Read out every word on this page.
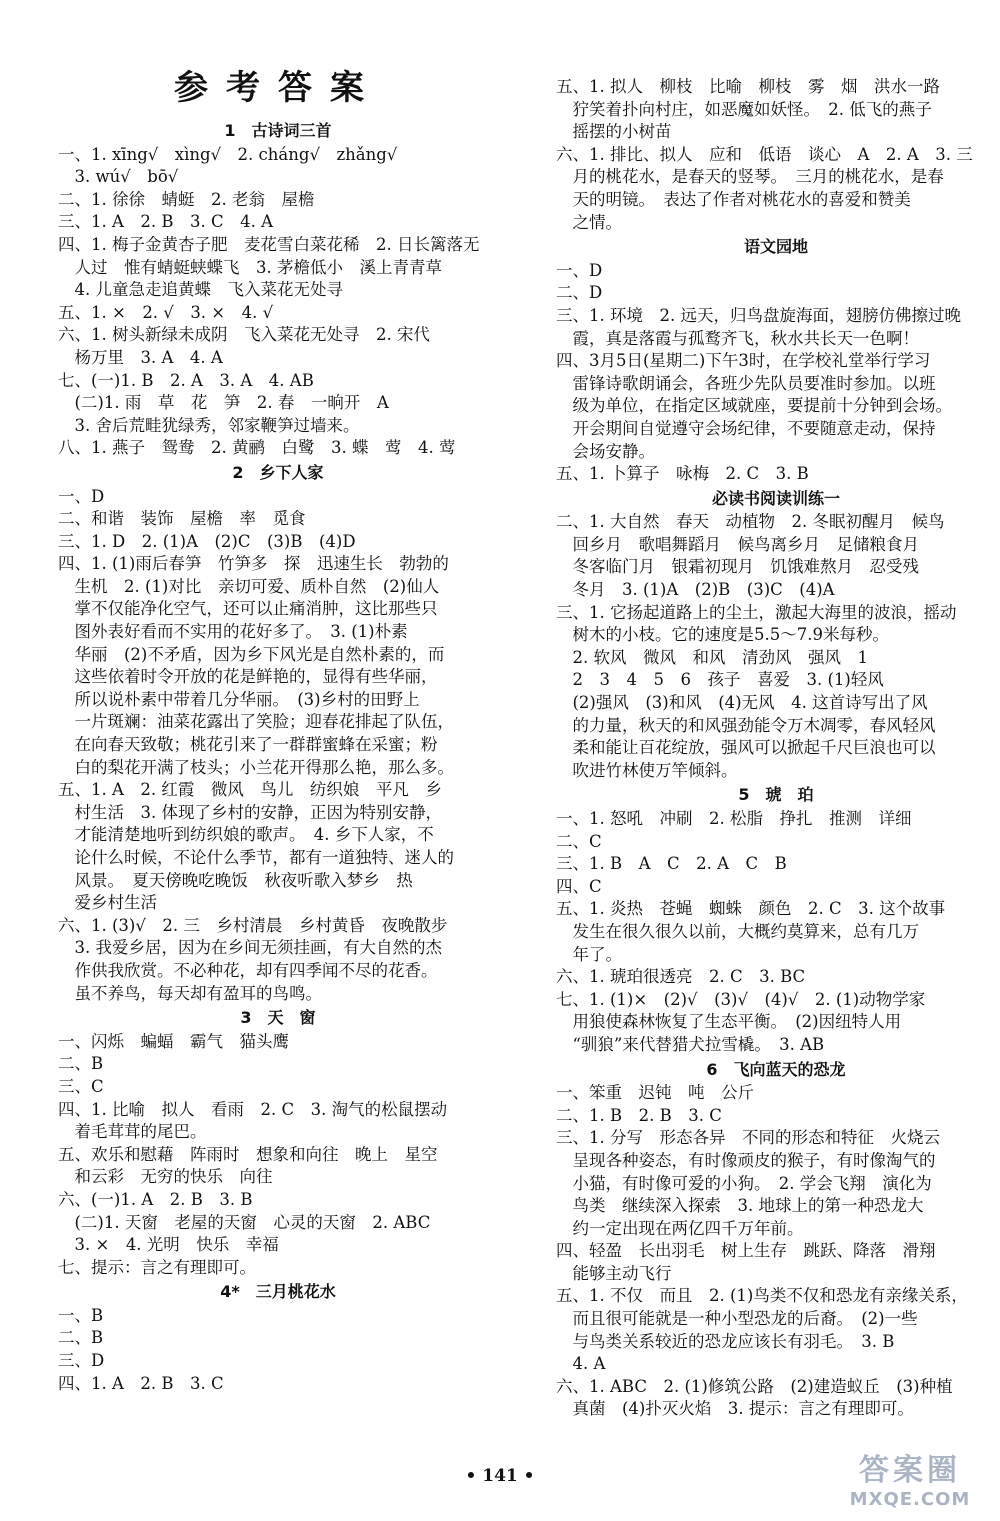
参考答案
1　古诗词三首
一、1. xīng√　xìng√　2. cháng√　zhǎng√
　3. wú√　bō√
二、1. 徐徐　蜻蜓　2. 老翁　屋檐
三、1. A　2. B　3. C　4. A
四、1. 梅子金黄杏子肥　麦花雪白菜花稀　2. 日长篱落无
　人过　惟有蜻蜓蛱蝶飞　3. 茅檐低小　溪上青青草
　4. 儿童急走追黄蝶　飞入菜花无处寻
五、1. ×　2. √　3. ×　4. √
六、1. 树头新绿未成阴　飞入菜花无处寻　2. 宋代
　杨万里　3. A　4. A
七、(一)1. B　2. A　3. A　4. AB
　(二)1. 雨　草　花　笋　2. 春　一晌开　A
　3. 舍后荒畦犹绿秀，邻家鞭笋过墙来。
八、1. 燕子　鸳鸯　2. 黄鹂　白鹭　3. 蝶　莺　4. 莺
2　乡下人家
一、D
二、和谐　装饰　屋檐　率　觅食
三、1. D　2. (1)A　(2)C　(3)B　(4)D
四、1. (1)雨后春笋　竹笋多　探　迅速生长　勃勃的
　生机　2. (1)对比　亲切可爱、质朴自然　(2)仙人
　掌不仅能净化空气，还可以止痛消肿，这比那些只
　图外表好看而不实用的花好多了。　3. (1)朴素
　华丽　(2)不矛盾，因为乡下风光是自然朴素的，而
　这些依着时令开放的花是鲜艳的，显得有些华丽，
　所以说朴素中带着几分华丽。　(3)乡村的田野上
　一片斑斓：油菜花露出了笑脸；迎春花排起了队伍，
　在向春天致敬；桃花引来了一群群蜜蜂在采蜜；粉
　白的梨花开满了枝头；小兰花开得那么艳，那么多。
五、1. A　2. 红霞　微风　鸟儿　纺织娘　平凡　乡
　村生活　3. 体现了乡村的安静，正因为特别安静，
　才能清楚地听到纺织娘的歌声。　4. 乡下人家，不
　论什么时候，不论什么季节，都有一道独特、迷人的
　风景。　夏天傍晚吃晚饭　秋夜听歌入梦乡　热
　爱乡村生活
六、1. (3)√　2. 三　乡村清晨　乡村黄昏　夜晚散步
　3. 我爱乡居，因为在乡间无须挂画，有大自然的杰
　作供我欣赏。不必种花，却有四季闻不尽的花香。
　虽不养鸟，每天却有盈耳的鸟鸣。
3　天　窗
一、闪烁　蝙蝠　霸气　猫头鹰
二、B
三、C
四、1. 比喻　拟人　看雨　2. C　3. 淘气的松鼠摆动
　着毛茸茸的尾巴。
五、欢乐和慰藉　阵雨时　想象和向往　晚上　星空
　和云彩　无穷的快乐　向往
六、(一)1. A　2. B　3. B
　(二)1. 天窗　老屋的天窗　心灵的天窗　2. ABC
　3. ×　4. 光明　快乐　幸福
七、提示：言之有理即可。
4*　三月桃花水
一、B
二、B
三、D
四、1. A　2. B　3. C
五、1. 拟人　柳枝　比喻　柳枝　雾　烟　洪水一路
　狞笑着扑向村庄，如恶魔如妖怪。　2. 低飞的燕子
　摇摆的小树苗
六、1. 排比、拟人　应和　低语　谈心　A　2. A　3. 三
　月的桃花水，是春天的竖琴。　三月的桃花水，是春
　天的明镜。　表达了作者对桃花水的喜爱和赞美
　之情。
语文园地
一、D
二、D
三、1. 环境　2. 远天，归鸟盘旋海面，翅膀仿佛擦过晚
　霞，真是落霞与孤鹜齐飞，秋水共长天一色啊！
四、3月5日(星期二)下午3时，在学校礼堂举行学习
　雷锋诗歌朗诵会，各班少先队员要准时参加。以班
　级为单位，在指定区域就座，要提前十分钟到会场。
　开会期间自觉遵守会场纪律，不要随意走动，保持
　会场安静。
五、1. 卜算子　咏梅　2. C　3. B
必读书阅读训练一
二、1. 大自然　春天　动植物　2. 冬眠初醒月　候鸟
　回乡月　歌唱舞蹈月　候鸟离乡月　足储粮食月
　冬客临门月　银霜初现月　饥饿难熬月　忍受残
　冬月　3. (1)A　(2)B　(3)C　(4)A
三、1. 它扬起道路上的尘土，激起大海里的波浪，摇动
　树木的小枝。它的速度是5.5～7.9米每秒。
　2. 软风　微风　和风　清劲风　强风　1
　2　3　4　5　6　孩子　喜爱　3. (1)轻风
　(2)强风　(3)和风　(4)无风　4. 这首诗写出了风
　的力量，秋天的和风强劲能令万木凋零，春风轻风
　柔和能让百花绽放，强风可以掀起千尺巨浪也可以
　吹进竹林使万竿倾斜。
5　琥　珀
一、1. 怒吼　冲刷　2. 松脂　挣扎　推测　详细
二、C
三、1. B　A　C　2. A　C　B
四、C
五、1. 炎热　苍蝇　蜘蛛　颜色　2. C　3. 这个故事
　发生在很久很久以前，大概约莫算来，总有几万
　年了。
六、1. 琥珀很透亮　2. C　3. BC
七、1. (1)×　(2)√　(3)√　(4)√　2. (1)动物学家
　用狼使森林恢复了生态平衡。　(2)因纽特人用
　“驯狼”来代替猎犬拉雪橇。　3. AB
6　飞向蓝天的恐龙
一、笨重　迟钝　吨　公斤
二、1. B　2. B　3. C
三、1. 分写　形态各异　不同的形态和特征　火烧云
　呈现各种姿态，有时像顽皮的猴子，有时像淘气的
　小猫，有时像可爱的小狗。　2. 学会飞翔　演化为
　鸟类　继续深入探索　3. 地球上的第一种恐龙大
　约一定出现在两亿四千万年前。
四、轻盈　长出羽毛　树上生存　跳跃、降落　滑翔
　能够主动飞行
五、1. 不仅　而且　2. (1)鸟类不仅和恐龙有亲缘关系，
　而且很可能就是一种小型恐龙的后裔。　(2)一些
　与鸟类关系较近的恐龙应该长有羽毛。　3. B
　4. A
六、1. ABC　2. (1)修筑公路　(2)建造蚁丘　(3)种植
　真菌　(4)扑灭火焰　3. 提示：言之有理即可。
• 141 •	答案圈
MXQE.COM
